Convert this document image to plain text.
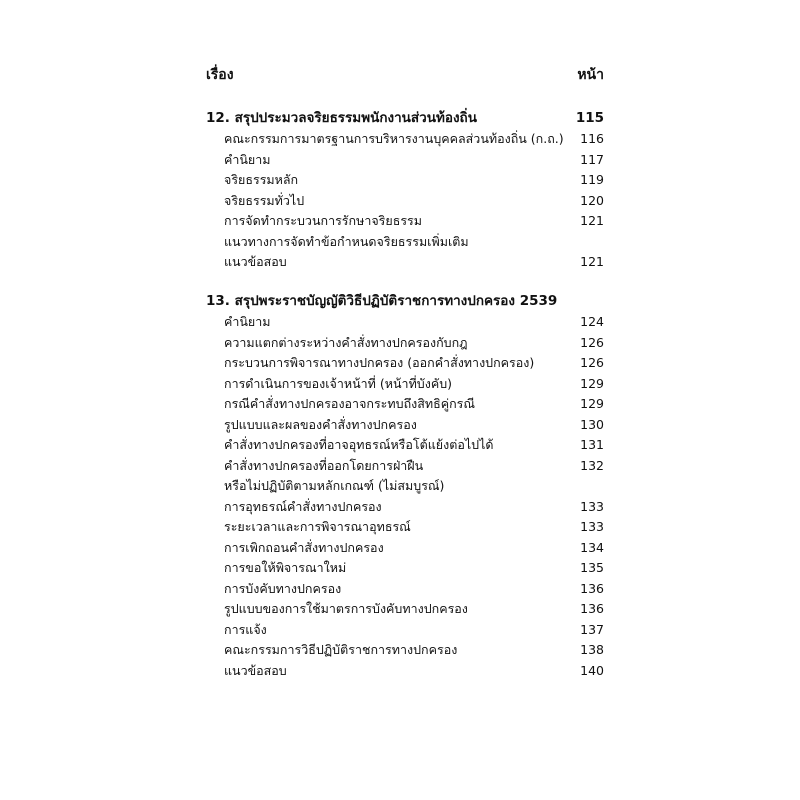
เรื่อง	หน้า
12. สรุปประมวลจริยธรรมพนักงานส่วนท้องถิ่น	115
คณะกรรมการมาตรฐานการบริหารงานบุคคลส่วนท้องถิ่น (ก.ถ.) 116
คำนิยาม	117
จริยธรรมหลัก	119
จริยธรรมทั่วไป	120
การจัดทำกระบวนการรักษาจริยธรรม	121
แนวทางการจัดทำข้อกำหนดจริยธรรมเพิ่มเติม
แนวข้อสอบ	121
13. สรุปพระราชบัญญัติวิธีปฏิบัติราชการทางปกครอง 2539
คำนิยาม	124
ความแตกต่างระหว่างคำสั่งทางปกครองกับกฎ	126
กระบวนการพิจารณาทางปกครอง (ออกคำสั่งทางปกครอง)	126
การดำเนินการของเจ้าหน้าที่ (หน้าที่บังคับ)	129
กรณีคำสั่งทางปกครองอาจกระทบถึงสิทธิคู่กรณี	129
รูปแบบและผลของคำสั่งทางปกครอง	130
คำสั่งทางปกครองที่อาจอุทธรณ์หรือโต้แย้งต่อไปได้	131
คำสั่งทางปกครองที่ออกโดยการฝ่าฝืน	132
หรือไม่ปฏิบัติตามหลักเกณฑ์ (ไม่สมบูรณ์)
การอุทธรณ์คำสั่งทางปกครอง	133
ระยะเวลาและการพิจารณาอุทธรณ์	133
การเพิกถอนคำสั่งทางปกครอง	134
การขอให้พิจารณาใหม่	135
การบังคับทางปกครอง	136
รูปแบบของการใช้มาตรการบังคับทางปกครอง	136
การแจ้ง	137
คณะกรรมการวิธีปฏิบัติราชการทางปกครอง	138
แนวข้อสอบ	140
